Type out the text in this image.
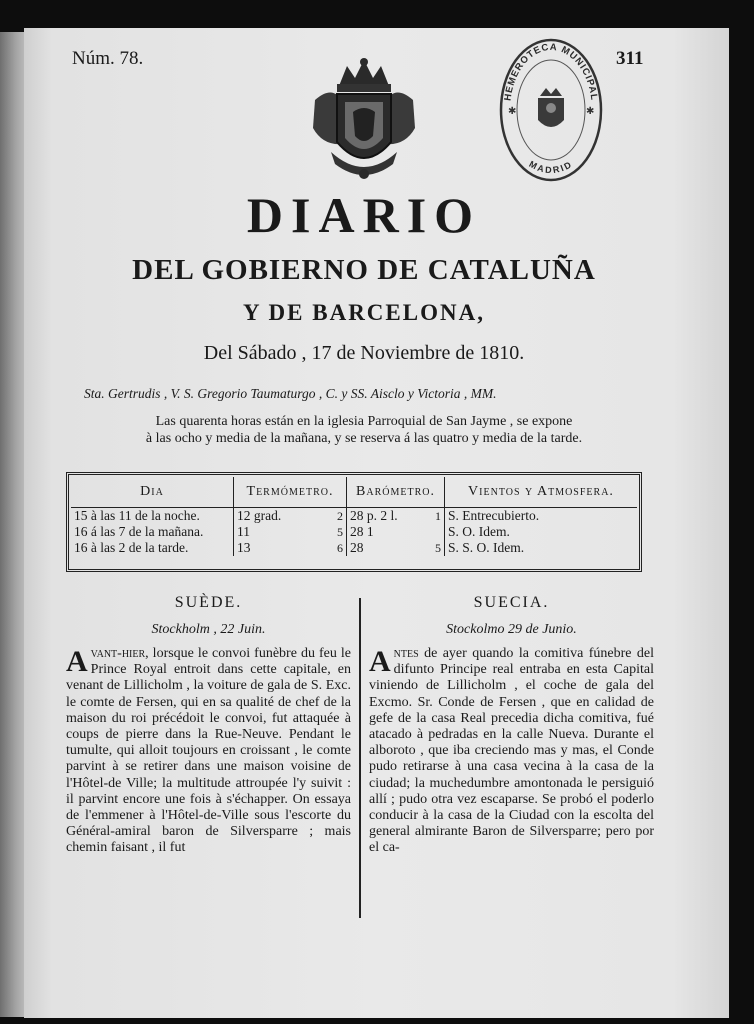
Núm. 78.	311
HEMEROTECA MUNICIPAL
MADRID
✱	✱
DIARIO
DEL GOBIERNO DE CATALUÑA
Y DE BARCELONA,
Del Sábado , 17 de Noviembre de 1810.
Sta. Gertrudis , V. S. Gregorio Taumaturgo , C. y SS. Aisclo y Victoria , MM.
Las quarenta horas están en la iglesia Parroquial de San Jayme , se expone
à las ocho y media de la mañana, y se reserva á las quatro y media de la tarde.
Dia	Termómetro.	Barómetro.	Vientos y Atmosfera.
15 à las 11 de la noche.	12 grad. 2	28 p. 2 l. 1	S. Entrecubierto.
16 á las 7 de la mañana.	11 5	28 1	S. O. Idem.
16 à las 2 de la tarde.	13 6	28 5	S. S. O. Idem.
SUÈDE.
Stockholm , 22 Juin.
Avant-hier, lorsque le convoi funèbre du feu le Prince Royal entroit dans cette capitale, en venant de Lillicholm , la voiture de gala de S. Exc. le comte de Fersen, qui en sa qualité de chef de la maison du roi précédoit le convoi, fut attaquée à coups de pierre dans la Rue-Neuve. Pendant le tumulte, qui alloit toujours en croissant , le comte parvint à se retirer dans une maison voisine de l'Hôtel-de Ville; la multitude attroupée l'y suivit : il parvint encore une fois à s'échapper. On essaya de l'emmener à l'Hôtel-de-Ville sous l'escorte du Général-amiral baron de Silversparre ; mais chemin faisant , il fut
SUECIA.
Stockolmo 29 de Junio.
Antes de ayer quando la comitiva fúnebre del difunto Principe real entraba en esta Capital viniendo de Lillicholm , el coche de gala del Excmo. Sr. Conde de Fersen , que en calidad de gefe de la casa Real precedia dicha comitiva, fué atacado à pedradas en la calle Nueva. Durante el alboroto , que iba creciendo mas y mas, el Conde pudo retirarse à una casa vecina à la casa de la ciudad; la muchedumbre amontonada le persiguió allí ; pudo otra vez escaparse. Se probó el poderlo conducir à la casa de la Ciudad con la escolta del general almirante Baron de Silversparre; pero por el ca-
